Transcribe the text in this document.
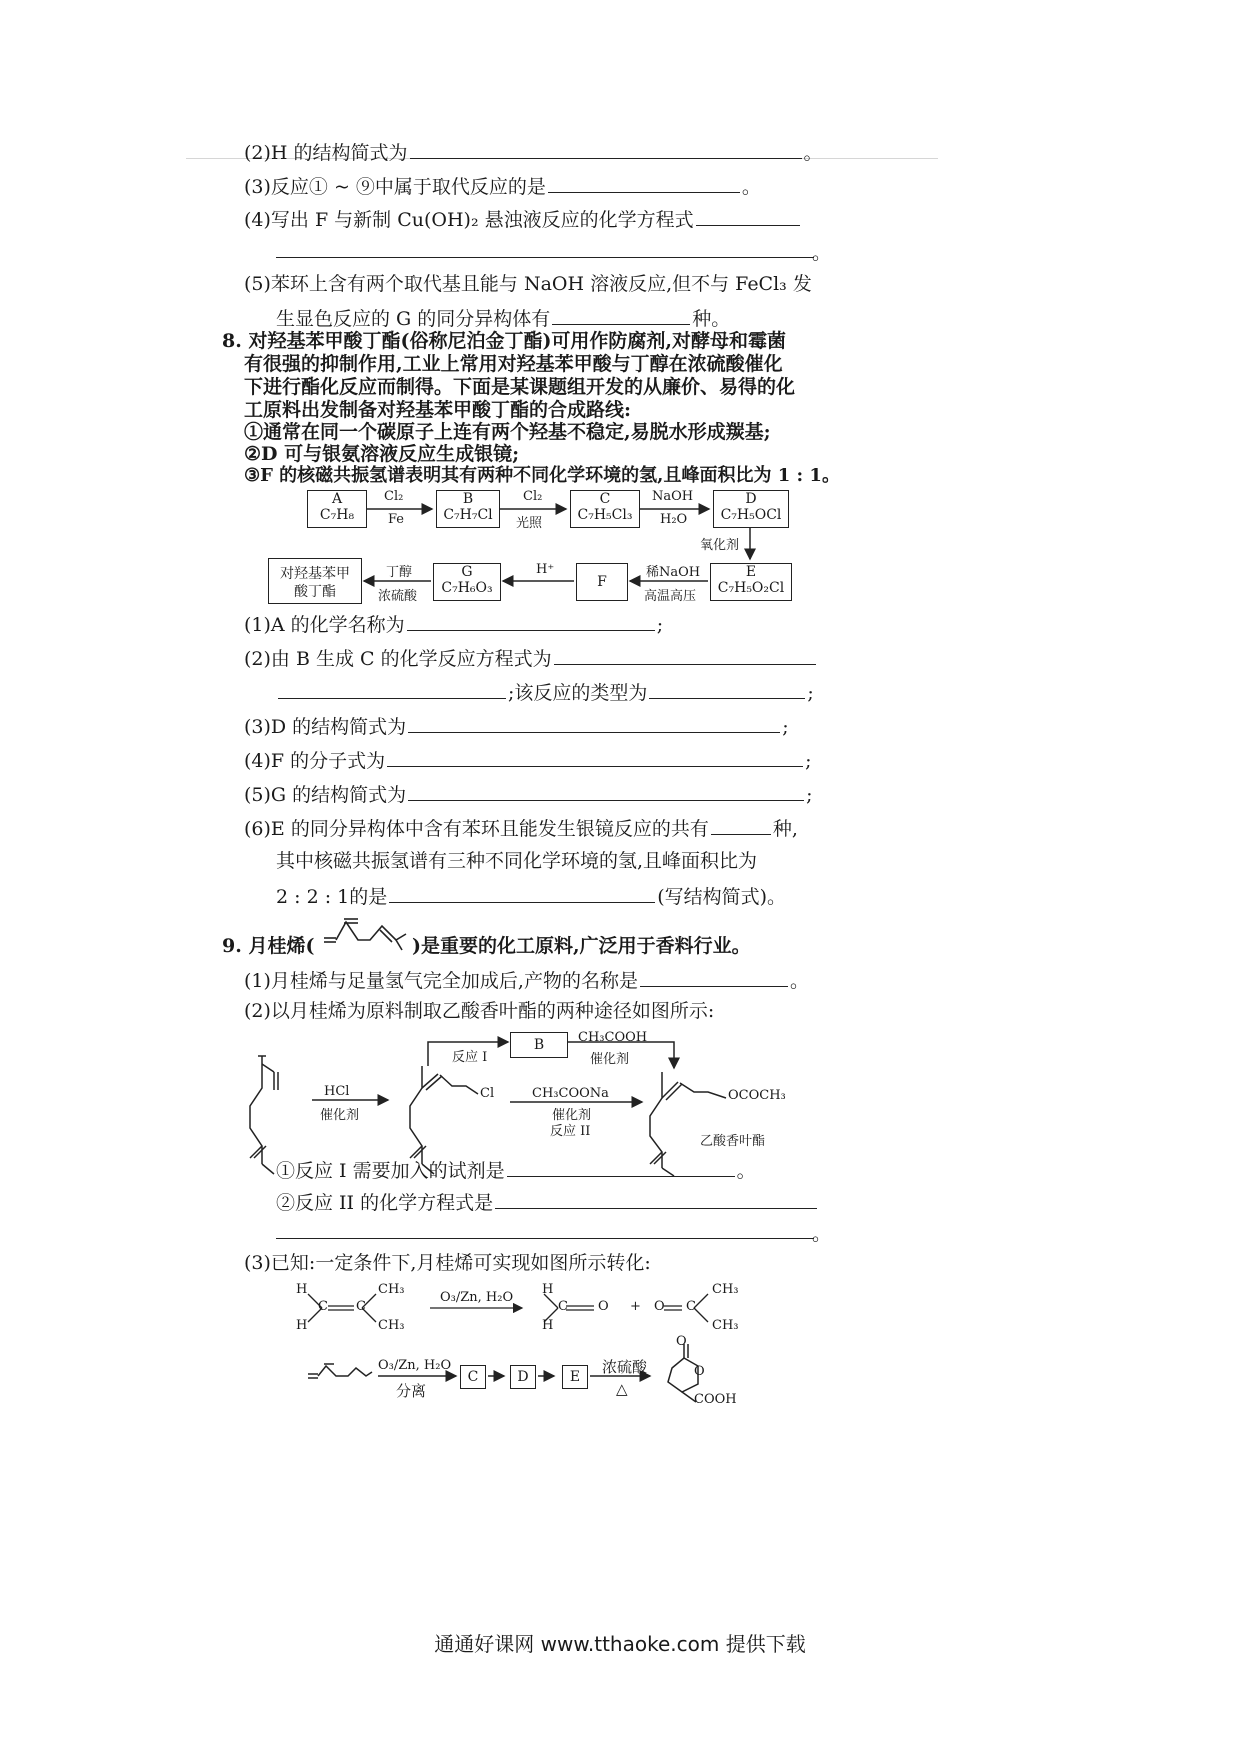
(2)H 的结构简式为	。
(3)反应① ~ ⑨中属于取代反应的是	。
(4)写出 F 与新制 Cu(OH)₂ 悬浊液反应的化学方程式
。
(5)苯环上含有两个取代基且能与 NaOH 溶液反应,但不与 FeCl₃ 发
生显色反应的 G 的同分异构体有	种。
8. 对羟基苯甲酸丁酯(俗称尼泊金丁酯)可用作防腐剂,对酵母和霉菌
有很强的抑制作用,工业上常用对羟基苯甲酸与丁醇在浓硫酸催化
下进行酯化反应而制得。下面是某课题组开发的从廉价、易得的化
工原料出发制备对羟基苯甲酸丁酯的合成路线:
①通常在同一个碳原子上连有两个羟基不稳定,易脱水形成羰基;
②D 可与银氨溶液反应生成银镜;
③F 的核磁共振氢谱表明其有两种不同化学环境的氢,且峰面积比为 1 : 1。
A
C₇H₈
B
C₇H₇Cl
C
C₇H₅Cl₃
D
C₇H₅OCl
E
C₇H₅O₂Cl
F
G
C₇H₆O₃
对羟基苯甲酸丁酯
Cl₂
Fe
Cl₂
光照
NaOH
H₂O
氧化剂
稀NaOH
高温高压
H⁺
丁醇
浓硫酸
(1)A 的化学名称为	;
(2)由 B 生成 C 的化学反应方程式为
;该反应的类型为	;
(3)D 的结构简式为	;
(4)F 的分子式为	;
(5)G 的结构简式为	;
(6)E 的同分异构体中含有苯环且能发生银镜反应的共有	种,
其中核磁共振氢谱有三种不同化学环境的氢,且峰面积比为
2 : 2 : 1的是	(写结构简式)。
9. 月桂烯(	)是重要的化工原料,广泛用于香料行业。
(1)月桂烯与足量氢气完全加成后,产物的名称是	。
(2)以月桂烯为原料制取乙酸香叶酯的两种途径如图所示:
B
HCl
催化剂
反应 I
CH₃COOH
催化剂
CH₃COONa
催化剂
反应 II
Cl	OCOCH₃
乙酸香叶酯
①反应 I 需要加入的试剂是	。
②反应 II 的化学方程式是
。
(3)已知:一定条件下,月桂烯可实现如图所示转化:
H
H
C C
CH₃
CH₃
O₃/Zn, H₂O
H
H
C O + O C
CH₃
CH₃
O₃/Zn, H₂O
分离
C	D	E
浓硫酸
△
O
O
COOH
通通好课网 www.tthaoke.com 提供下载
